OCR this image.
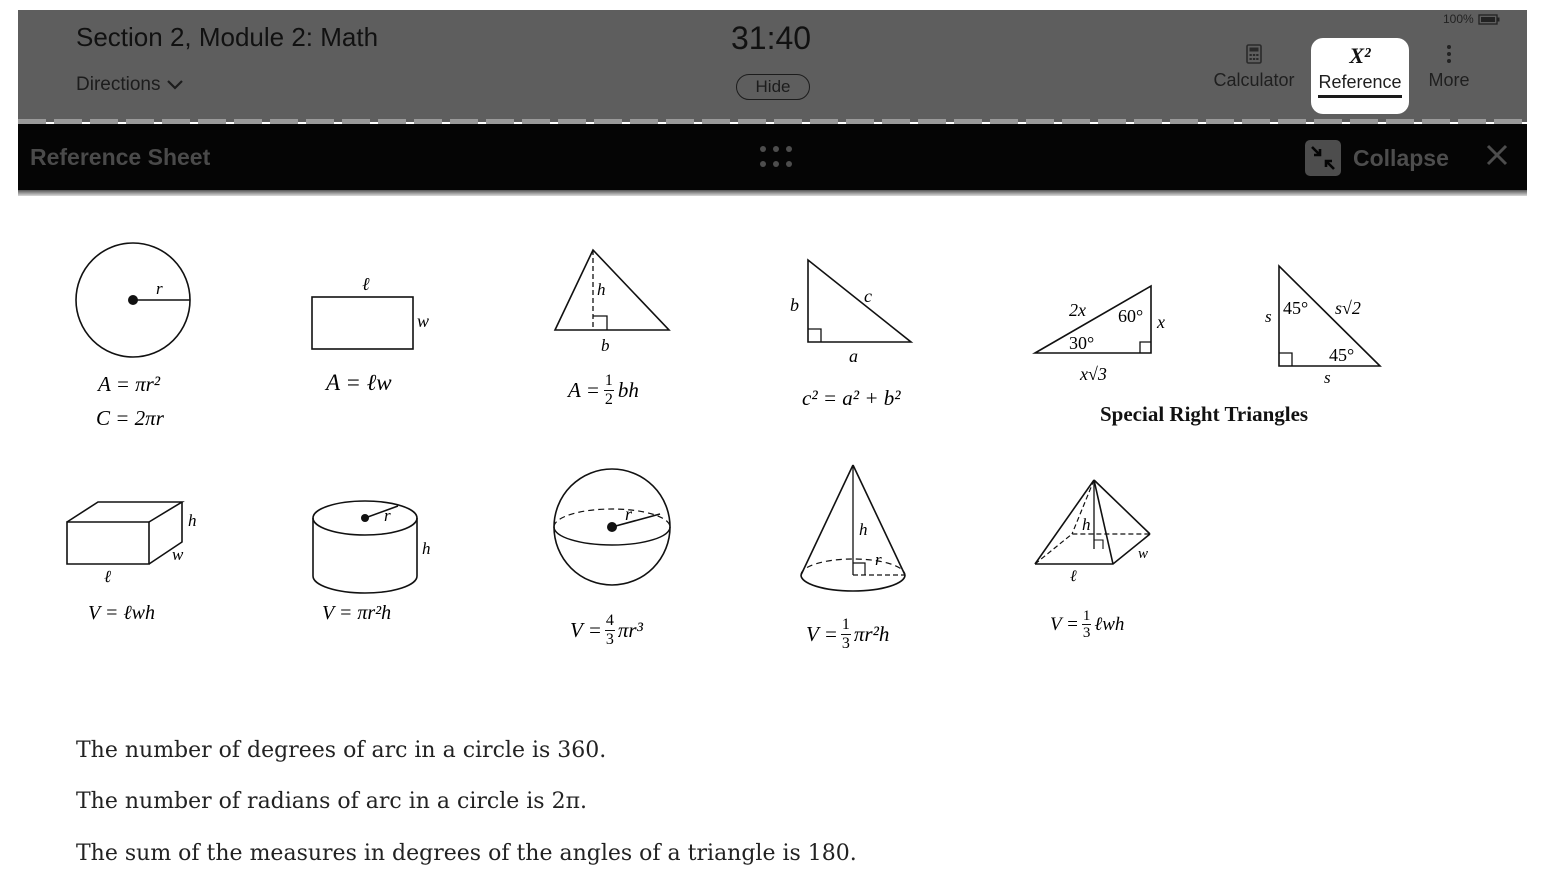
Section 2, Module 2: Math
Directions
31:40
Hide
100%
Calculator
X²
Reference	More
Reference Sheet	Collapse
r
A = πr²
C = 2πr
ℓ
w
A = ℓw
h
b
$A = \frac{1}{2}$ bh
b	c
a
c² = a² + b²
2x 60° x
30°
x√3
s 45° s√2
45°
s
Special Right Triangles
h
w
ℓ
V = ℓwh
r
h
V = πr²h
r
$V = \frac{4}{3} \pi r^3$
h
r
$V = \frac{1}{3} \pi r^2h$
h
w
ℓ
$V = \frac{1}{3}$ ℓwh
The number of degrees of arc in a circle is 360.
The number of radians of arc in a circle is 2π.
The sum of the measures in degrees of the angles of a triangle is 180.
